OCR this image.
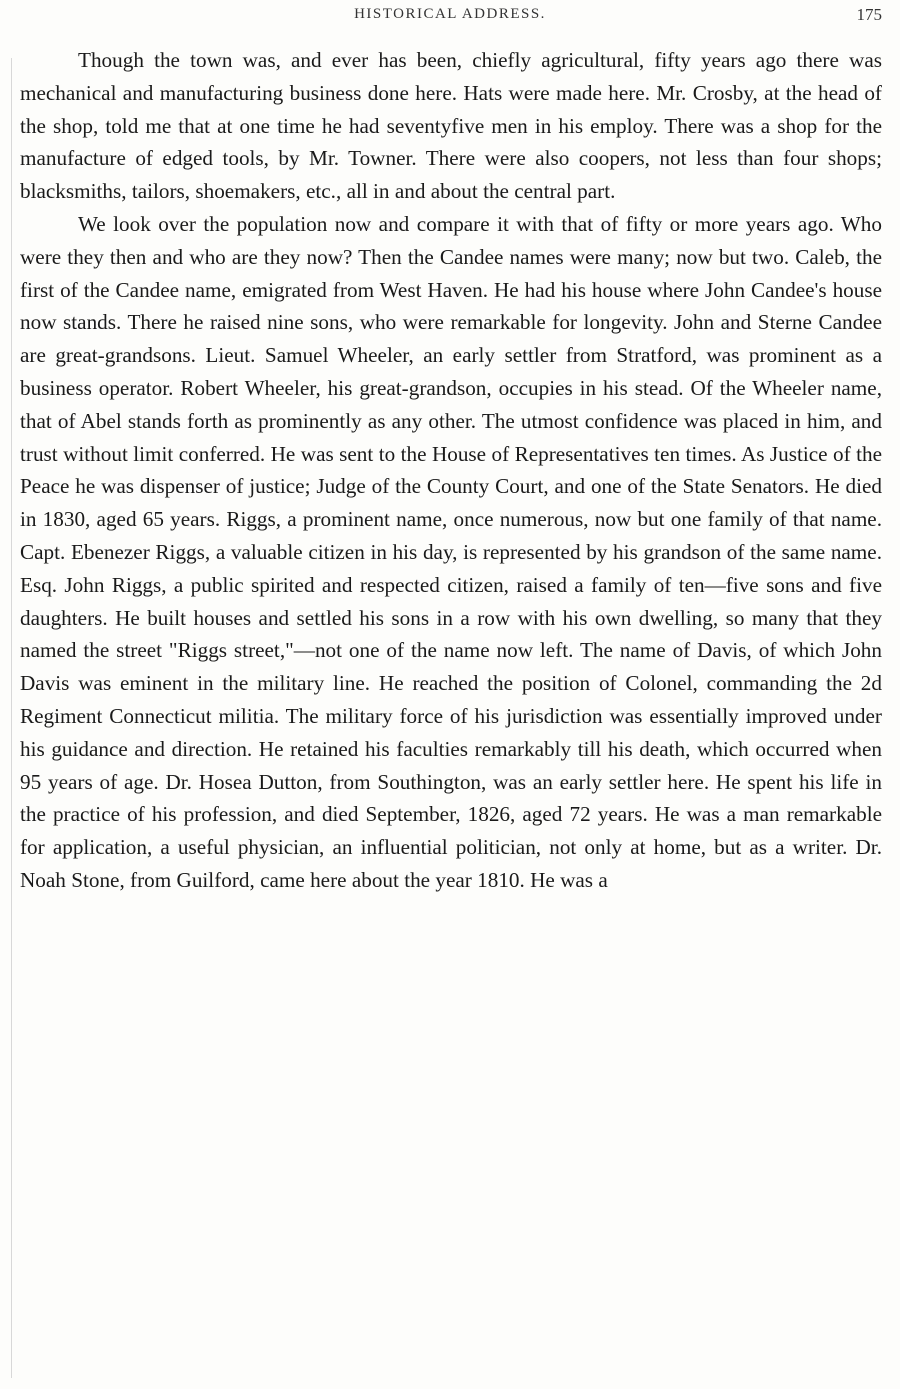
HISTORICAL ADDRESS.	175

Though the town was, and ever has been, chiefly agricultural, fifty years ago there was mechanical and manufacturing business done here. Hats were made here. Mr. Crosby, at the head of the shop, told me that at one time he had seventyfive men in his employ. There was a shop for the manufacture of edged tools, by Mr. Towner. There were also coopers, not less than four shops; blacksmiths, tailors, shoemakers, etc., all in and about the central part.

We look over the population now and compare it with that of fifty or more years ago. Who were they then and who are they now? Then the Candee names were many; now but two. Caleb, the first of the Candee name, emigrated from West Haven. He had his house where John Candee's house now stands. There he raised nine sons, who were remarkable for longevity. John and Sterne Candee are great-grandsons. Lieut. Samuel Wheeler, an early settler from Stratford, was prominent as a business operator. Robert Wheeler, his great-grandson, occupies in his stead. Of the Wheeler name, that of Abel stands forth as prominently as any other. The utmost confidence was placed in him, and trust without limit conferred. He was sent to the House of Representatives ten times. As Justice of the Peace he was dispenser of justice; Judge of the County Court, and one of the State Senators. He died in 1830, aged 65 years. Riggs, a prominent name, once numerous, now but one family of that name. Capt. Ebenezer Riggs, a valuable citizen in his day, is represented by his grandson of the same name. Esq. John Riggs, a public spirited and respected citizen, raised a family of ten—five sons and five daughters. He built houses and settled his sons in a row with his own dwelling, so many that they named the street "Riggs street,"—not one of the name now left. The name of Davis, of which John Davis was eminent in the military line. He reached the position of Colonel, commanding the 2d Regiment Connecticut militia. The military force of his jurisdiction was essentially improved under his guidance and direction. He retained his faculties remarkably till his death, which occurred when 95 years of age. Dr. Hosea Dutton, from Southington, was an early settler here. He spent his life in the practice of his profession, and died September, 1826, aged 72 years. He was a man remarkable for application, a useful physician, an influential politician, not only at home, but as a writer. Dr. Noah Stone, from Guilford, came here about the year 1810. He was a
